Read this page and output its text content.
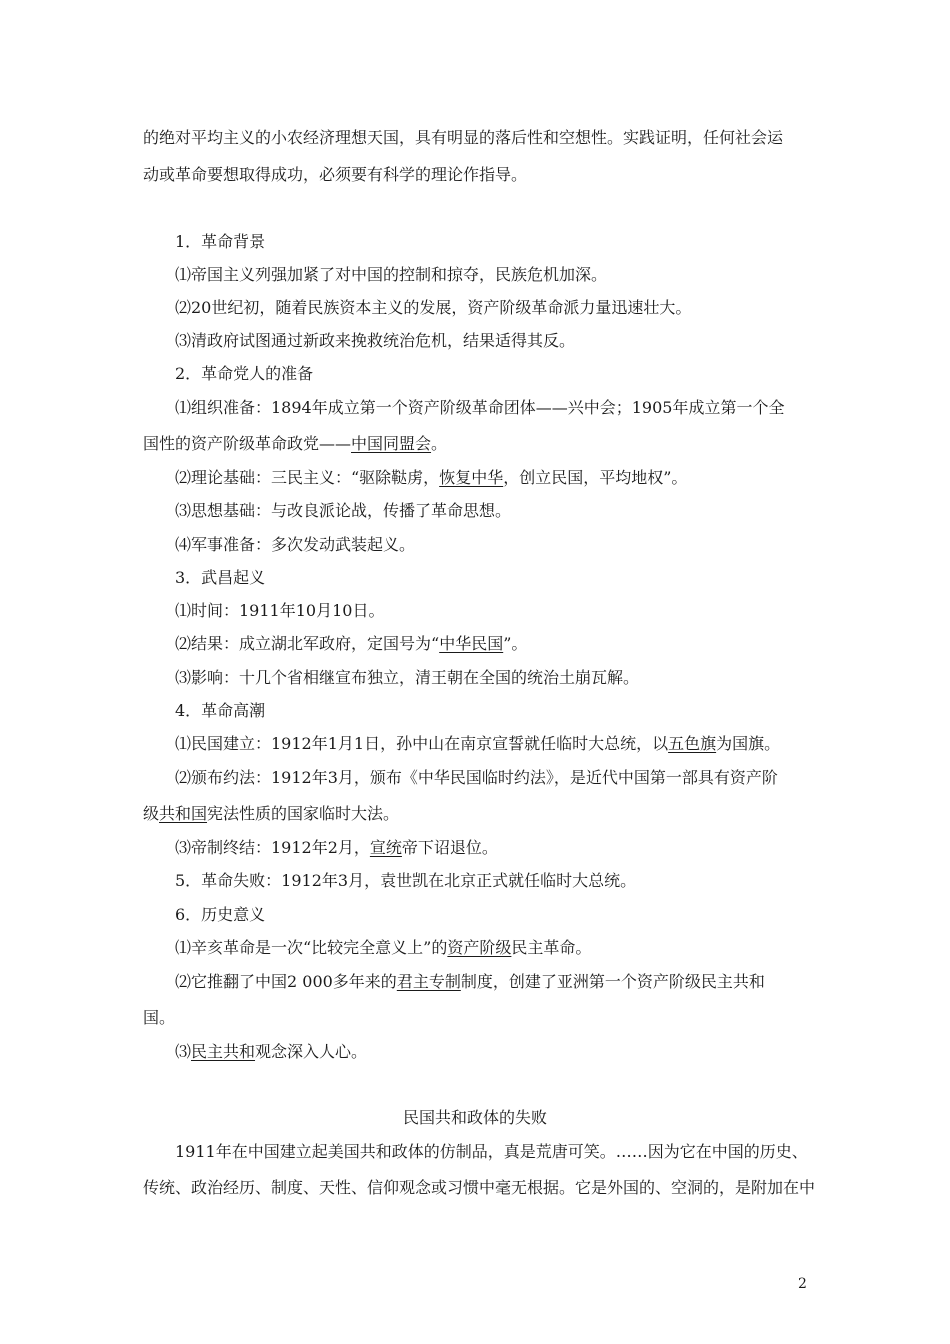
的绝对平均主义的小农经济理想天国，具有明显的落后性和空想性。实践证明，任何社会运
动或革命要想取得成功，必须要有科学的理论作指导。
1．革命背景
⑴帝国主义列强加紧了对中国的控制和掠夺，民族危机加深。
⑵20世纪初，随着民族资本主义的发展，资产阶级革命派力量迅速壮大。
⑶清政府试图通过新政来挽救统治危机，结果适得其反。
2．革命党人的准备
⑴组织准备：1894年成立第一个资产阶级革命团体——兴中会；1905年成立第一个全
国性的资产阶级革命政党——中国同盟会。
⑵理论基础：三民主义：“驱除鞑虏，恢复中华，创立民国，平均地权”。
⑶思想基础：与改良派论战，传播了革命思想。
⑷军事准备：多次发动武装起义。
3．武昌起义
⑴时间：1911年10月10日。
⑵结果：成立湖北军政府，定国号为“中华民国”。
⑶影响：十几个省相继宣布独立，清王朝在全国的统治土崩瓦解。
4．革命高潮
⑴民国建立：1912年1月1日，孙中山在南京宣誓就任临时大总统，以五色旗为国旗。
⑵颁布约法：1912年3月，颁布《中华民国临时约法》，是近代中国第一部具有资产阶
级共和国宪法性质的国家临时大法。
⑶帝制终结：1912年2月，宣统帝下诏退位。
5．革命失败：1912年3月，袁世凯在北京正式就任临时大总统。
6．历史意义
⑴辛亥革命是一次“比较完全意义上”的资产阶级民主革命。
⑵它推翻了中国2 000多年来的君主专制制度，创建了亚洲第一个资产阶级民主共和
国。
⑶民主共和观念深入人心。
民国共和政体的失败
1911年在中国建立起美国共和政体的仿制品，真是荒唐可笑。……因为它在中国的历史、
传统、政治经历、制度、天性、信仰观念或习惯中毫无根据。它是外国的、空洞的，是附加在中
2
